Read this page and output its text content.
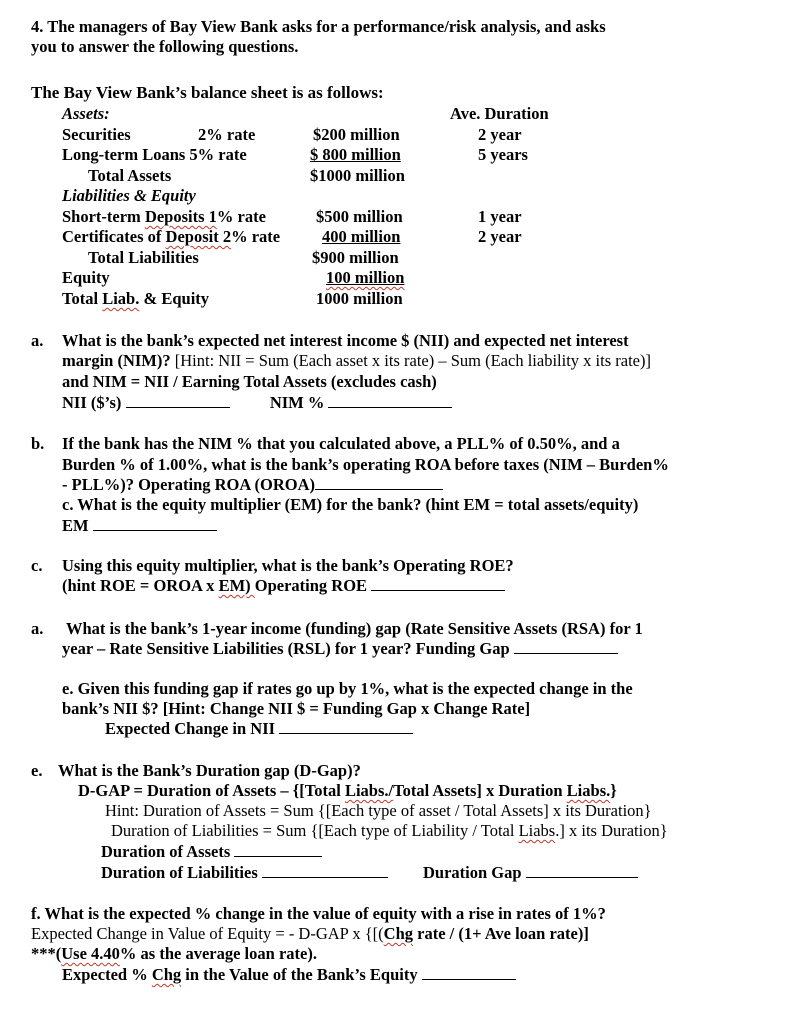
4. The managers of Bay View Bank asks for a performance/risk analysis, and asks
you to answer the following questions.
The Bay View Bank’s balance sheet is as follows:
Assets:	Ave. Duration
Securities	2% rate	$200 million	2 year
Long-term Loans 5% rate	$ 800 million	5 years
Total Assets	$1000 million
Liabilities & Equity
Short-term Deposits 1% rate	$500 million	1 year
Certificates of Deposit 2% rate	400 million	2 year
Total Liabilities	$900 million
Equity	100 million
Total Liab. & Equity	1000 million
a. What is the bank’s expected net interest income $ (NII) and expected net interest
margin (NIM)? [Hint: NII = Sum (Each asset x its rate) – Sum (Each liability x its rate)]
and NIM = NII / Earning Total Assets (excludes cash)
NII ($’s)	NIM %
b. If the bank has the NIM % that you calculated above, a PLL% of 0.50%, and a
Burden % of 1.00%, what is the bank’s operating ROA before taxes (NIM – Burden%
- PLL%)? Operating ROA (OROA)
c. What is the equity multiplier (EM) for the bank? (hint EM = total assets/equity)
EM
c. Using this equity multiplier, what is the bank’s Operating ROE?
(hint ROE = OROA x EM) Operating ROE
a. What is the bank’s 1-year income (funding) gap (Rate Sensitive Assets (RSA) for 1
year – Rate Sensitive Liabilities (RSL) for 1 year? Funding Gap
e. Given this funding gap if rates go up by 1%, what is the expected change in the
bank’s NII $? [Hint: Change NII $ = Funding Gap x Change Rate]
Expected Change in NII
e. What is the Bank’s Duration gap (D-Gap)?
D-GAP = Duration of Assets – {[Total Liabs./Total Assets] x Duration Liabs.}
Hint: Duration of Assets = Sum {[Each type of asset / Total Assets] x its Duration}
Duration of Liabilities = Sum {[Each type of Liability / Total Liabs.] x its Duration}
Duration of Assets
Duration of Liabilities	Duration Gap
f. What is the expected % change in the value of equity with a rise in rates of 1%?
Expected Change in Value of Equity = - D-GAP x {[(Chg rate / (1+ Ave loan rate)]
***(Use 4.40% as the average loan rate).
Expected % Chg in the Value of the Bank’s Equity
